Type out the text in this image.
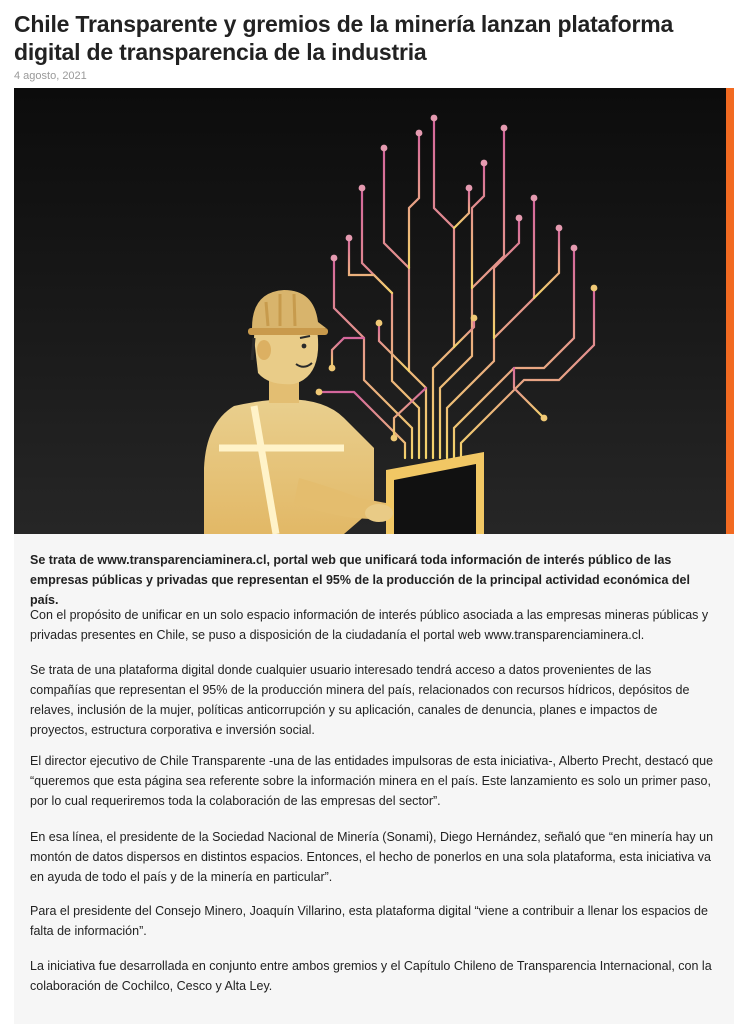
Chile Transparente y gremios de la minería lanzan plataforma digital de transparencia de la industria
4 agosto, 2021

Se trata de www.transparenciaminera.cl, portal web que unificará toda información de interés público de las empresas públicas y privadas que representan el 95% de la producción de la principal actividad económica del país.

Con el propósito de unificar en un solo espacio información de interés público asociada a las empresas mineras públicas y privadas presentes en Chile, se puso a disposición de la ciudadanía el portal web www.transparenciaminera.cl.

Se trata de una plataforma digital donde cualquier usuario interesado tendrá acceso a datos provenientes de las compañías que representan el 95% de la producción minera del país, relacionados con recursos hídricos, depósitos de relaves, inclusión de la mujer, políticas anticorrupción y su aplicación, canales de denuncia, planes e impactos de proyectos, estructura corporativa e inversión social.

El director ejecutivo de Chile Transparente -una de las entidades impulsoras de esta iniciativa-, Alberto Precht, destacó que “queremos que esta página sea referente sobre la información minera en el país. Este lanzamiento es solo un primer paso, por lo cual requeriremos toda la colaboración de las empresas del sector”.

En esa línea, el presidente de la Sociedad Nacional de Minería (Sonami), Diego Hernández, señaló que “en minería hay un montón de datos dispersos en distintos espacios. Entonces, el hecho de ponerlos en una sola plataforma, esta iniciativa va en ayuda de todo el país y de la minería en particular”.

Para el presidente del Consejo Minero, Joaquín Villarino, esta plataforma digital “viene a contribuir a llenar los espacios de falta de información”.

La iniciativa fue desarrollada en conjunto entre ambos gremios y el Capítulo Chileno de Transparencia Internacional, con la colaboración de Cochilco, Cesco y Alta Ley.
